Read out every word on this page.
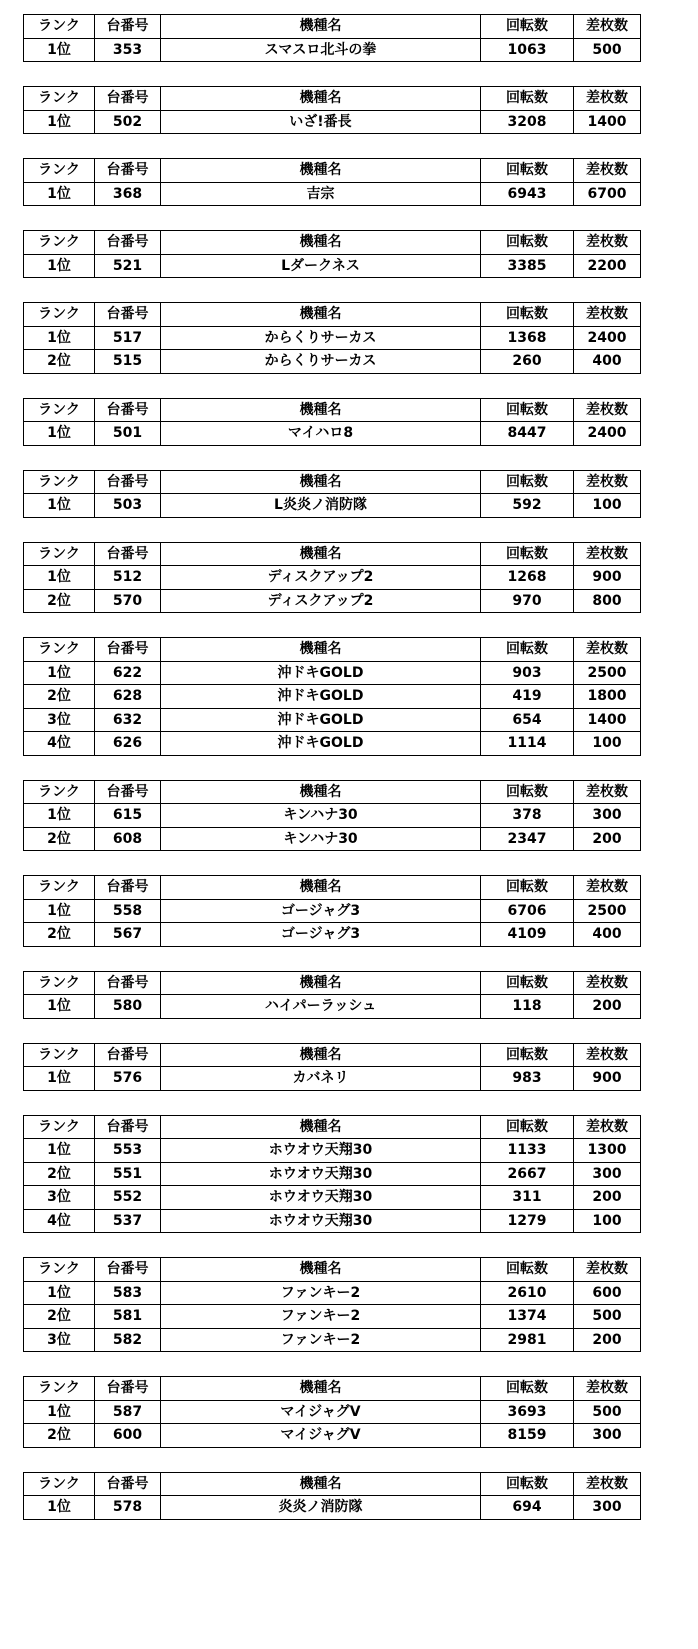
ランク	台番号	機種名	回転数	差枚数
1位	353	スマスロ北斗の拳	1063	500
ランク	台番号	機種名	回転数	差枚数
1位	502	いざ!番長	3208	1400
ランク	台番号	機種名	回転数	差枚数
1位	368	吉宗	6943	6700
ランク	台番号	機種名	回転数	差枚数
1位	521	Lダークネス	3385	2200
ランク	台番号	機種名	回転数	差枚数
1位	517	からくりサーカス	1368	2400
2位	515	からくりサーカス	260	400
ランク	台番号	機種名	回転数	差枚数
1位	501	マイハロ8	8447	2400
ランク	台番号	機種名	回転数	差枚数
1位	503	L炎炎ノ消防隊	592	100
ランク	台番号	機種名	回転数	差枚数
1位	512	ディスクアップ2	1268	900
2位	570	ディスクアップ2	970	800
ランク	台番号	機種名	回転数	差枚数
1位	622	沖ドキGOLD	903	2500
2位	628	沖ドキGOLD	419	1800
3位	632	沖ドキGOLD	654	1400
4位	626	沖ドキGOLD	1114	100
ランク	台番号	機種名	回転数	差枚数
1位	615	キンハナ30	378	300
2位	608	キンハナ30	2347	200
ランク	台番号	機種名	回転数	差枚数
1位	558	ゴージャグ3	6706	2500
2位	567	ゴージャグ3	4109	400
ランク	台番号	機種名	回転数	差枚数
1位	580	ハイパーラッシュ	118	200
ランク	台番号	機種名	回転数	差枚数
1位	576	カバネリ	983	900
ランク	台番号	機種名	回転数	差枚数
1位	553	ホウオウ天翔30	1133	1300
2位	551	ホウオウ天翔30	2667	300
3位	552	ホウオウ天翔30	311	200
4位	537	ホウオウ天翔30	1279	100
ランク	台番号	機種名	回転数	差枚数
1位	583	ファンキー2	2610	600
2位	581	ファンキー2	1374	500
3位	582	ファンキー2	2981	200
ランク	台番号	機種名	回転数	差枚数
1位	587	マイジャグV	3693	500
2位	600	マイジャグV	8159	300
ランク	台番号	機種名	回転数	差枚数
1位	578	炎炎ノ消防隊	694	300
